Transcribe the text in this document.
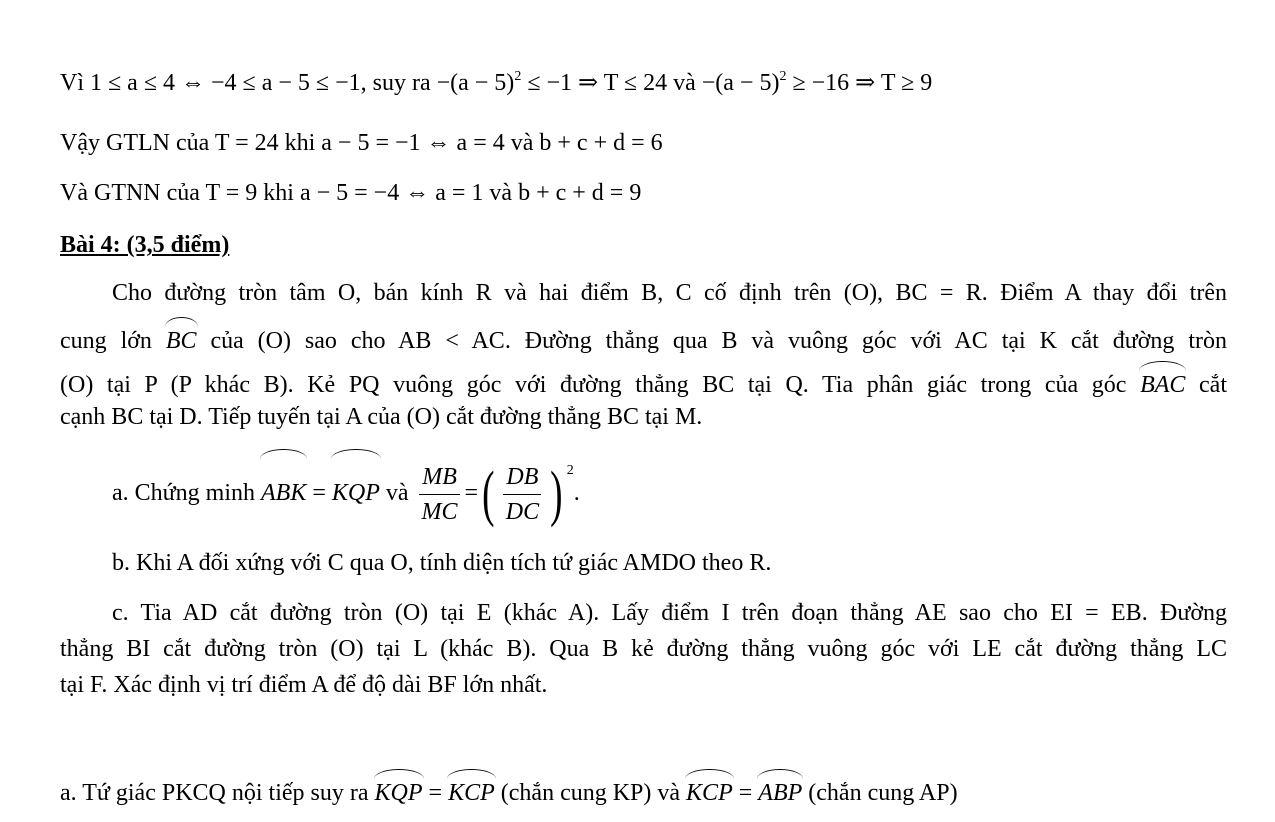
Vì 1 ≤ a ≤ 4 ⇔ −4 ≤ a − 5 ≤ −1, suy ra $-(a - 5)^2 \le -1$ ⇒ T ≤ 24 và $-(a - 5)^2 \ge -16$ ⇒ T ≥ 9
Vậy GTLN của T = 24 khi a − 5 = −1 ⇔ a = 4 và b + c + d = 6
Và GTNN của T = 9 khi a − 5 = −4 ⇔ a = 1 và b + c + d = 9
Bài 4: (3,5 điểm)
Cho đường tròn tâm O, bán kính R và hai điểm B, C cố định trên (O), BC = R. Điểm A thay đổi trên
cung lớn BC của (O) sao cho AB < AC. Đường thẳng qua B và vuông góc với AC tại K cắt đường tròn
(O) tại P (P khác B). Kẻ PQ vuông góc với đường thẳng BC tại Q. Tia phân giác trong của góc BAC cắt
cạnh BC tại D. Tiếp tuyến tại A của (O) cắt đường thẳng BC tại M.
a. Chứng minh ABK = KQP và $\frac{MB}{MC}$ =( $\frac{DB}{DC}$ ) $^2$.
b. Khi A đối xứng với C qua O, tính diện tích tứ giác AMDO theo R.
c. Tia AD cắt đường tròn (O) tại E (khác A). Lấy điểm I trên đoạn thẳng AE sao cho EI = EB. Đường
thẳng BI cắt đường tròn (O) tại L (khác B). Qua B kẻ đường thẳng vuông góc với LE cắt đường thẳng LC
tại F. Xác định vị trí điểm A để độ dài BF lớn nhất.
a. Tứ giác PKCQ nội tiếp suy ra KQP = KCP (chắn cung KP) và KCP = ABP (chắn cung AP)
